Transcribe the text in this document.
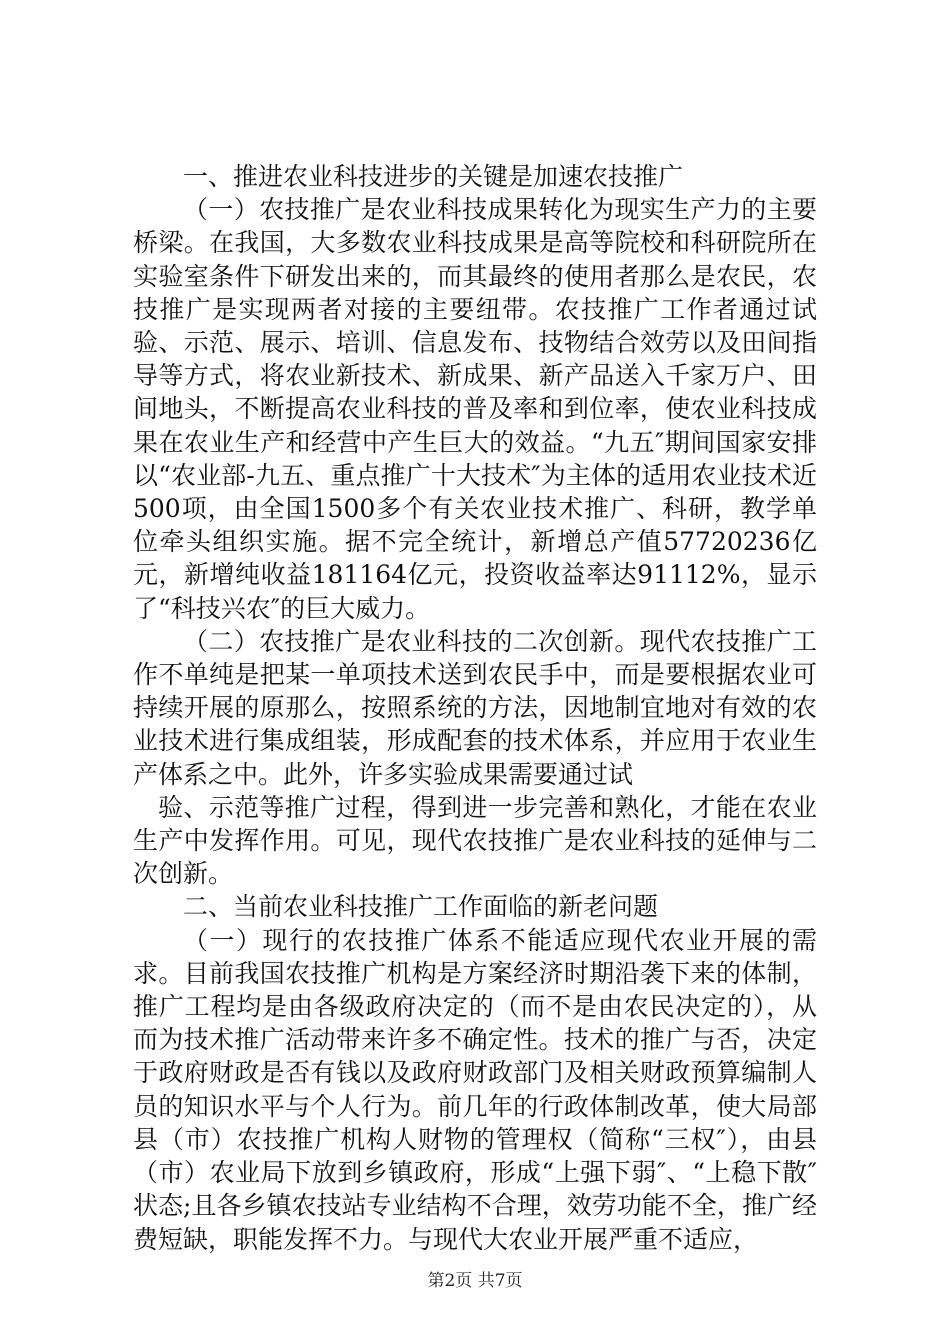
一、推进农业科技进步的关键是加速农技推广

（一）农技推广是农业科技成果转化为现实生产力的主要桥梁。在我国，大多数农业科技成果是高等院校和科研院所在实验室条件下研发出来的，而其最终的使用者那么是农民，农技推广是实现两者对接的主要纽带。农技推广工作者通过试验、示范、展示、培训、信息发布、技物结合效劳以及田间指导等方式，将农业新技术、新成果、新产品送入千家万户、田间地头，不断提高农业科技的普及率和到位率，使农业科技成果在农业生产和经营中产生巨大的效益。“九五″期间国家安排以“农业部-九五、重点推广十大技术″为主体的适用农业技术近500项，由全国1500多个有关农业技术推广、科研，教学单位牵头组织实施。据不完全统计，新增总产值57720236亿元，新增纯收益181164亿元，投资收益率达91112%，显示了“科技兴农″的巨大威力。

（二）农技推广是农业科技的二次创新。现代农技推广工作不单纯是把某一单项技术送到农民手中，而是要根据农业可持续开展的原那么，按照系统的方法，因地制宜地对有效的农业技术进行集成组装，形成配套的技术体系，并应用于农业生产体系之中。此外，许多实验成果需要通过试

验、示范等推广过程，得到进一步完善和熟化，才能在农业生产中发挥作用。可见，现代农技推广是农业科技的延伸与二次创新。

二、当前农业科技推广工作面临的新老问题

（一）现行的农技推广体系不能适应现代农业开展的需求。目前我国农技推广机构是方案经济时期沿袭下来的体制，推广工程均是由各级政府决定的（而不是由农民决定的），从而为技术推广活动带来许多不确定性。技术的推广与否，决定于政府财政是否有钱以及政府财政部门及相关财政预算编制人员的知识水平与个人行为。前几年的行政体制改革，使大局部县（市）农技推广机构人财物的管理权（简称“三权″），由县（市）农业局下放到乡镇政府，形成“上强下弱″、“上稳下散″状态;且各乡镇农技站专业结构不合理，效劳功能不全，推广经费短缺，职能发挥不力。与现代大农业开展严重不适应，

第2页 共7页
